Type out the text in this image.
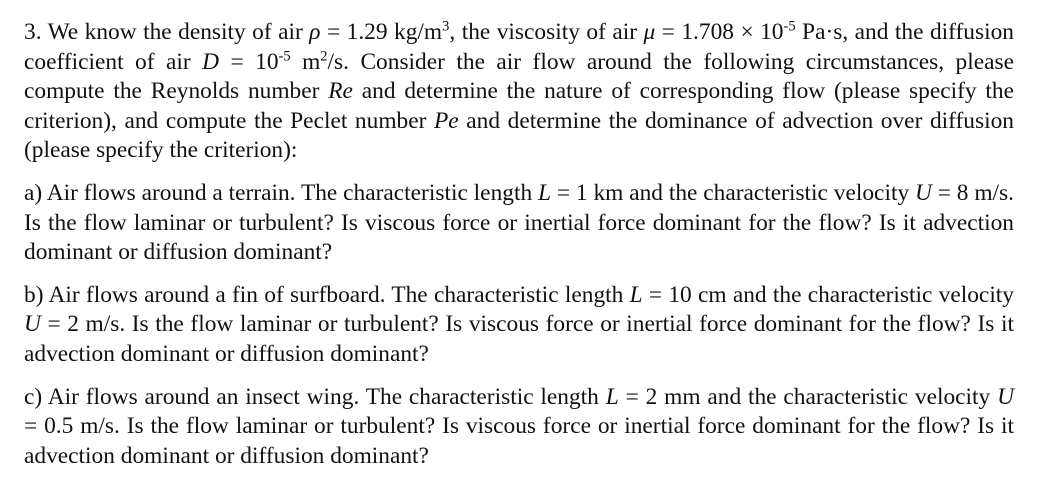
3. We know the density of air ρ = 1.29 $kg/m^3$, the viscosity of air $\mu = 1.708 \times 10^{-5}$ Pa·s, and the diffusion coefficient of air $D = 10^{-5}$ $m^2/s$. Consider the air flow around the following circumstances, please compute the Reynolds number Re and determine the nature of corresponding flow (please specify the criterion), and compute the Peclet number Pe and determine the dominance of advection over diffusion (please specify the criterion):

a) Air flows around a terrain. The characteristic length L = 1 km and the characteristic velocity U = 8 m/s. Is the flow laminar or turbulent? Is viscous force or inertial force dominant for the flow? Is it advection dominant or diffusion dominant?

b) Air flows around a fin of surfboard. The characteristic length L = 10 cm and the characteristic velocity U = 2 m/s. Is the flow laminar or turbulent? Is viscous force or inertial force dominant for the flow? Is it advection dominant or diffusion dominant?

c) Air flows around an insect wing. The characteristic length L = 2 mm and the characteristic velocity U = 0.5 m/s. Is the flow laminar or turbulent? Is viscous force or inertial force dominant for the flow? Is it advection dominant or diffusion dominant?
